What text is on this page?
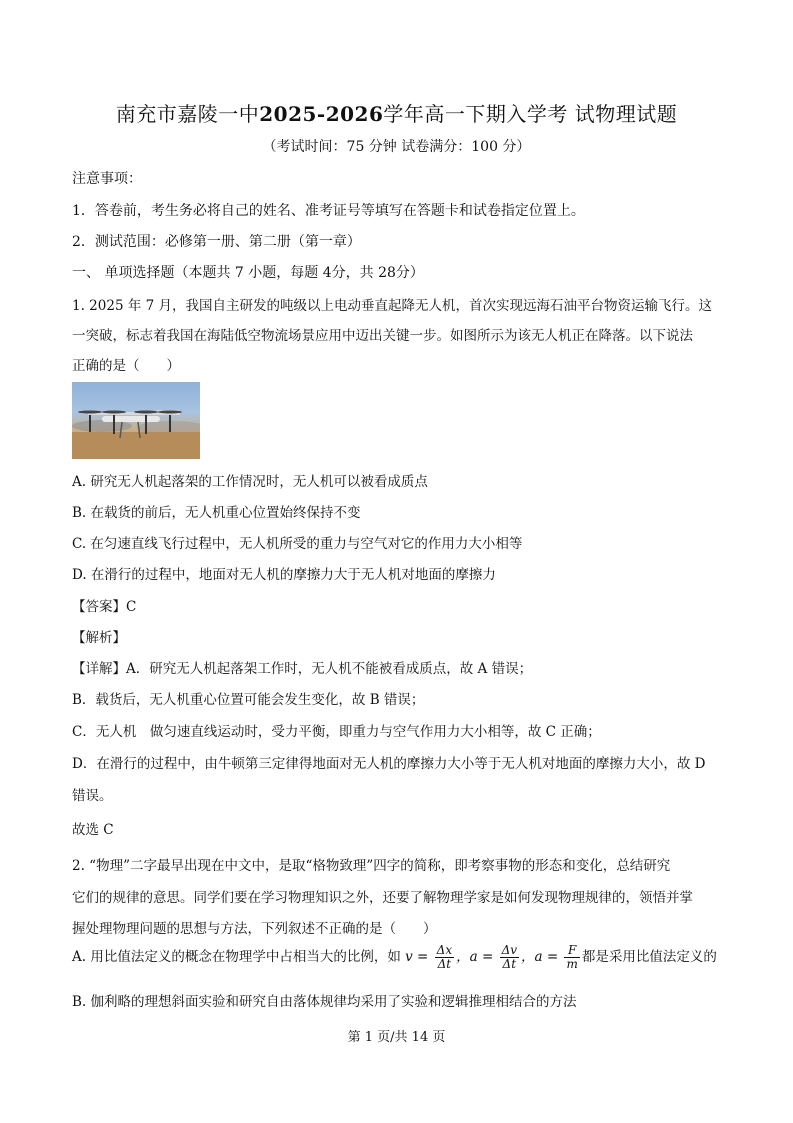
南充市嘉陵一中2025-2026学年高一下期入学考 试物理试题
（考试时间：75 分钟 试卷满分：100 分）
注意事项：
1．答卷前，考生务必将自己的姓名、准考证号等填写在答题卡和试卷指定位置上。
2．测试范围：必修第一册、第二册（第一章）
一、 单项选择题（本题共 7 小题，每题 4分，共 28分）
1. 2025 年 7 月，我国自主研发的吨级以上电动垂直起降无人机，首次实现远海石油平台物资运输飞行。这
一突破，标志着我国在海陆低空物流场景应用中迈出关键一步。如图所示为该无人机正在降落。以下说法
正确的是（　　）
A. 研究无人机起落架的工作情况时，无人机可以被看成质点
B. 在载货的前后，无人机重心位置始终保持不变
C. 在匀速直线飞行过程中，无人机所受的重力与空气对它的作用力大小相等
D. 在滑行的过程中，地面对无人机的摩擦力大于无人机对地面的摩擦力
【答案】C
【解析】
【详解】A．研究无人机起落架工作时，无人机不能被看成质点，故 A 错误；
B．载货后，无人机重心位置可能会发生变化，故 B 错误；
C．无人机　做匀速直线运动时，受力平衡，即重力与空气作用力大小相等，故 C 正确；
D．在滑行的过程中，由牛顿第三定律得地面对无人机的摩擦力大小等于无人机对地面的摩擦力大小，故 D
错误。
故选 C
2. “物理”二字最早出现在中文中，是取“格物致理”四字的简称，即考察事物的形态和变化，总结研究
它们的规律的意思。同学们要在学习物理知识之外，还要了解物理学家是如何发现物理规律的，领悟并掌
握处理物理问题的思想与方法，下列叙述不正确的是（　　）
A. 用比值法定义的概念在物理学中占相当大的比例，如 $v = \frac{\Delta x}{\Delta t}$ ，$a = \frac{\Delta v}{\Delta t}$ ，$a = \frac{F}{m}$ 都是采用比值法定义的
B. 伽利略的理想斜面实验和研究自由落体规律均采用了实验和逻辑推理相结合的方法
第 1 页/共 14 页
